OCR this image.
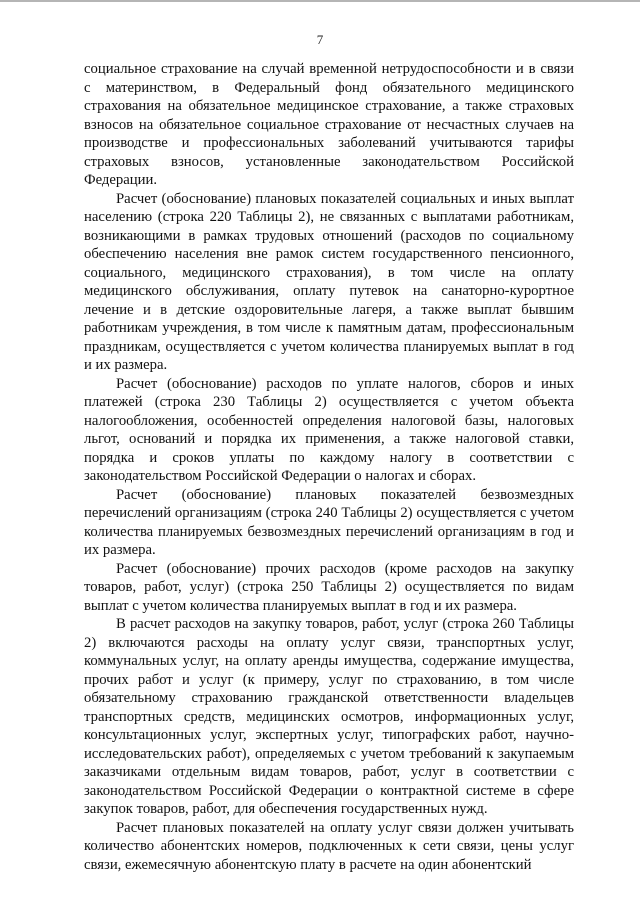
7

социальное страхование на случай временной нетрудоспособности и в связи с материнством, в Федеральный фонд обязательного медицинского страхования на обязательное медицинское страхование, а также страховых взносов на обязательное социальное страхование от несчастных случаев на производстве и профессиональных заболеваний учитываются тарифы страховых взносов, установленные законодательством Российской Федерации.

Расчет (обоснование) плановых показателей социальных и иных выплат населению (строка 220 Таблицы 2), не связанных с выплатами работникам, возникающими в рамках трудовых отношений (расходов по социальному обеспечению населения вне рамок систем государственного пенсионного, социального, медицинского страхования), в том числе на оплату медицинского обслуживания, оплату путевок на санаторно-курортное лечение и в детские оздоровительные лагеря, а также выплат бывшим работникам учреждения, в том числе к памятным датам, профессиональным праздникам, осуществляется с учетом количества планируемых выплат в год и их размера.

Расчет (обоснование) расходов по уплате налогов, сборов и иных платежей (строка 230 Таблицы 2) осуществляется с учетом объекта налогообложения, особенностей определения налоговой базы, налоговых льгот, оснований и порядка их применения, а также налоговой ставки, порядка и сроков уплаты по каждому налогу в соответствии с законодательством Российской Федерации о налогах и сборах.

Расчет (обоснование) плановых показателей безвозмездных перечислений организациям (строка 240 Таблицы 2) осуществляется с учетом количества планируемых безвозмездных перечислений организациям в год и их размера.

Расчет (обоснование) прочих расходов (кроме расходов на закупку товаров, работ, услуг) (строка 250 Таблицы 2) осуществляется по видам выплат с учетом количества планируемых выплат в год и их размера.

В расчет расходов на закупку товаров, работ, услуг (строка 260 Таблицы 2) включаются расходы на оплату услуг связи, транспортных услуг, коммунальных услуг, на оплату аренды имущества, содержание имущества, прочих работ и услуг (к примеру, услуг по страхованию, в том числе обязательному страхованию гражданской ответственности владельцев транспортных средств, медицинских осмотров, информационных услуг, консультационных услуг, экспертных услуг, типографских работ, научно-исследовательских работ), определяемых с учетом требований к закупаемым заказчиками отдельным видам товаров, работ, услуг в соответствии с законодательством Российской Федерации о контрактной системе в сфере закупок товаров, работ, для обеспечения государственных нужд.

Расчет плановых показателей на оплату услуг связи должен учитывать количество абонентских номеров, подключенных к сети связи, цены услуг связи, ежемесячную абонентскую плату в расчете на один абонентский
